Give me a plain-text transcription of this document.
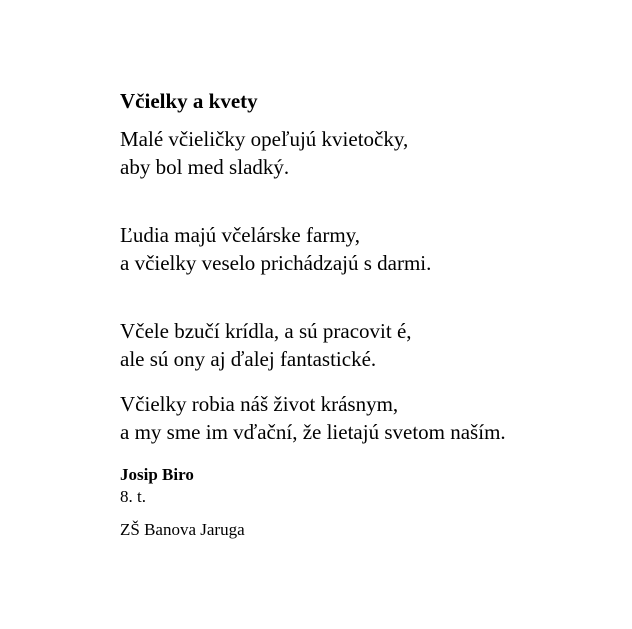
Včielky a kvety
Malé včieličky opeľujú kvietočky,
aby bol med sladký.
Ľudia majú včelárske farmy,
a včielky veselo prichádzajú s darmi.
Včele bzučí krídla, a sú pracovit é,
ale sú ony aj ďalej fantastické.
Včielky robia náš život krásnym,
a my sme im vďační, že lietajú svetom naším.
Josip Biro
8. t.
ZŠ Banova Jaruga
